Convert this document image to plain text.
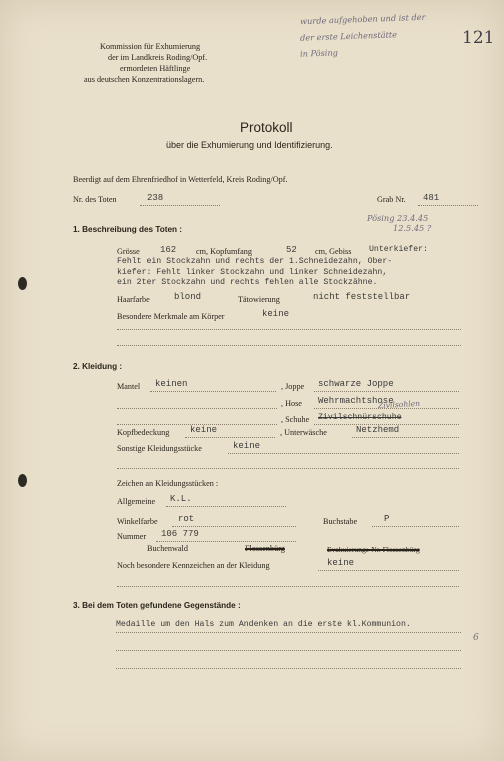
Kommission für Exhumierung
der im Landkreis Roding/Opf.
ermordeten Häftlinge
aus deutschen Konzentrationslagern.
121
wurde aufgehoben und ist der
der erste Leichenstätte
in Pösing
Protokoll
über die Exhumierung und Identifizierung.
Beerdigt auf dem Ehrenfriedhof in Wetterfeld, Kreis Roding/Opf.
Nr. des Toten	238	Grab Nr. 481
1. Beschreibung des Toten :
Pösing 23.4.45
12.5.45 ?
Grösse 162 cm, Kopfumfang	52 cm, Gebiss Unterkiefer:
Fehlt ein Stockzahn und rechts der 1.Schneidezahn, Ober-
kiefer: Fehlt linker Stockzahn und linker Schneidezahn,
ein 2ter Stockzahn und rechts fehlen alle Stockzähne.
Haarfarbe	blond	Tätowierung	nicht feststellbar
Besondere Merkmale am Körper	keine
2. Kleidung :
Mantel keinen	, Joppe schwarze Joppe
, Hose Wehrmachtshose
, Schuhe
Zivilsohlen
Zivilschnürschuhe
Kopfbedeckung keine	, Unterwäsche	Netzhemd
Sonstige Kleidungsstücke	keine
Zeichen an Kleidungsstücken :
Allgemeine K.L.
Winkelfarbe rot	Buchstabe	P
Nummer 106 779
Buchenwald	Flossenbürg	Evakuierungs-Nr. Flossenbürg
Noch besondere Kennzeichen an der Kleidung	keine
3. Bei dem Toten gefundene Gegenstände :
Medaille um den Hals zum Andenken an die erste kl.Kommunion.
6
